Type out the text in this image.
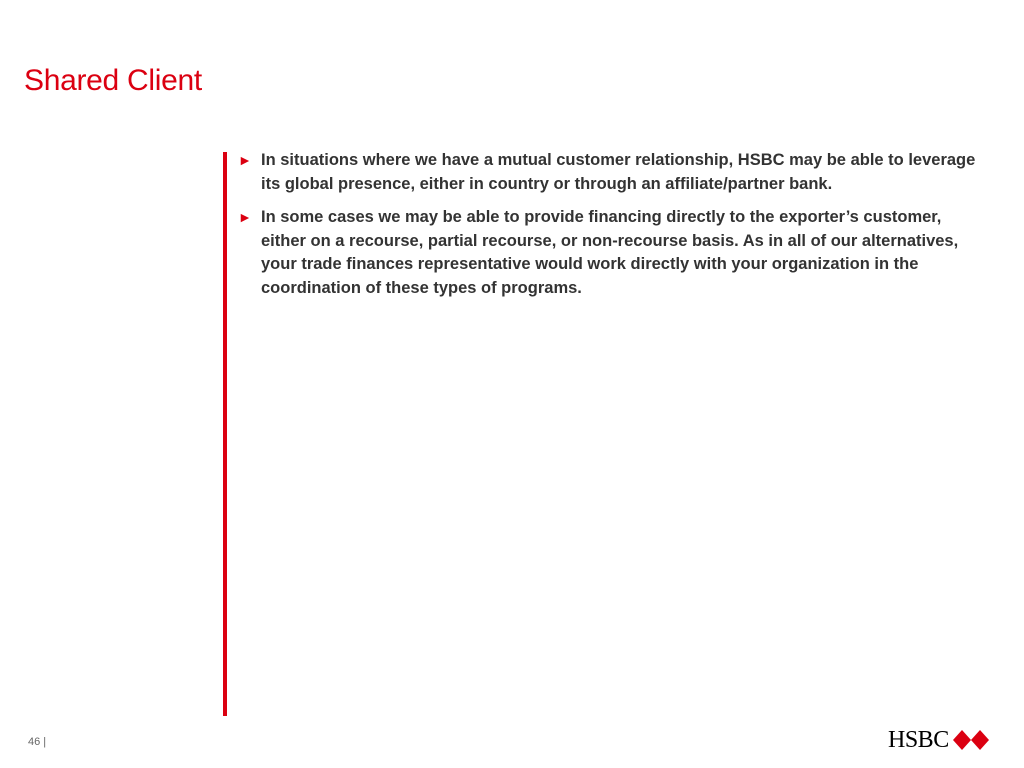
Shared Client
► In situations where we have a mutual customer relationship, HSBC may be able to leverage its global presence, either in country or through an affiliate/partner bank.
► In some cases we may be able to provide financing directly to the exporter’s customer, either on a recourse, partial recourse, or non-recourse basis. As in all of our alternatives, your trade finances representative would work directly with your organization in the coordination of these types of programs.
46 |	HSBC
